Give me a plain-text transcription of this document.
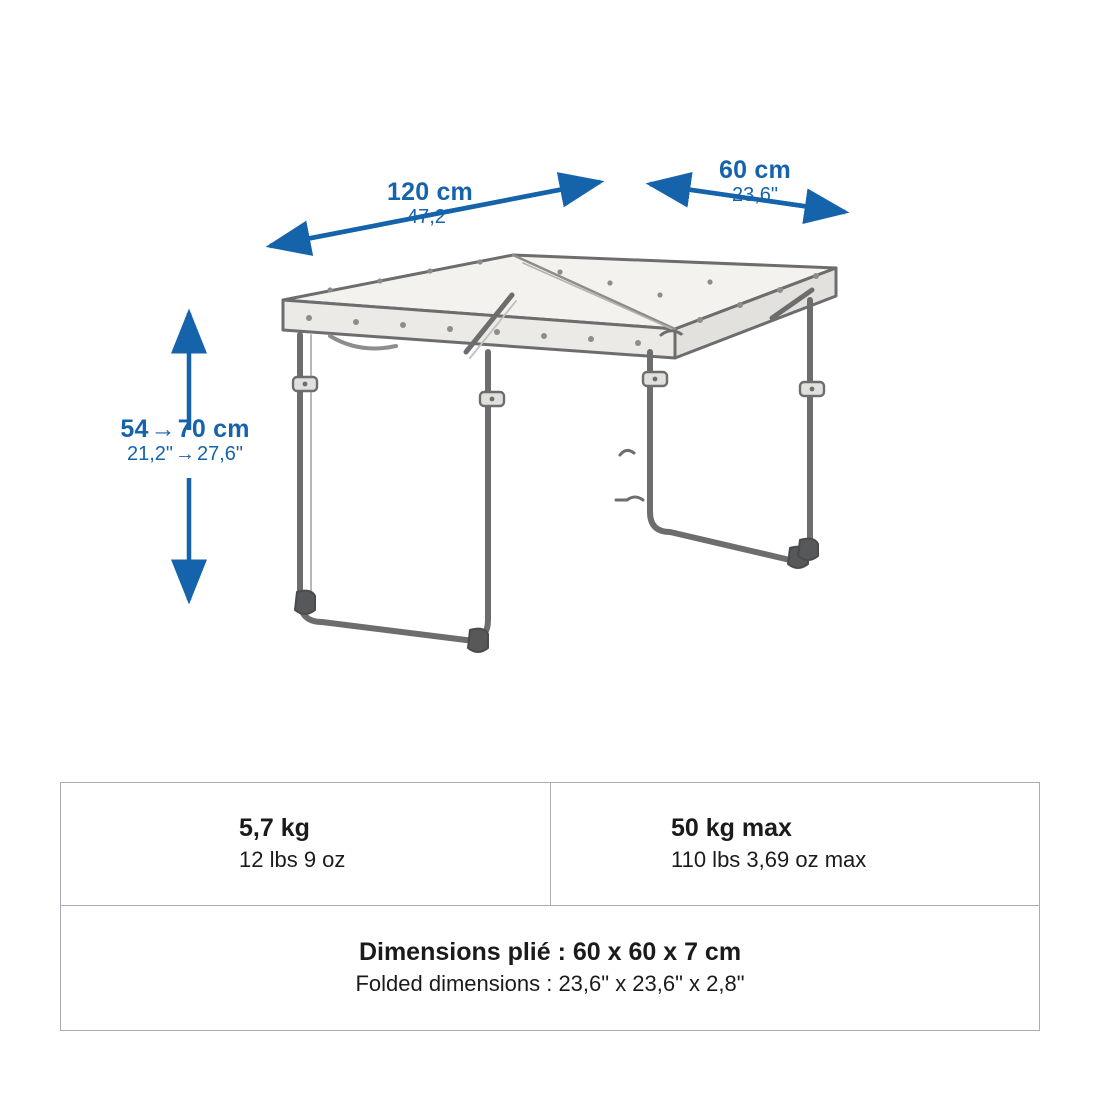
120 cm
47,2"
60 cm
23,6"
54→70 cm
21,2" → 27,6"
5,7 kg
12 lbs 9 oz
50 kg max
110 lbs 3,69 oz max
Dimensions plié : 60 x 60 x 7 cm
Folded dimensions : 23,6" x 23,6" x 2,8"
